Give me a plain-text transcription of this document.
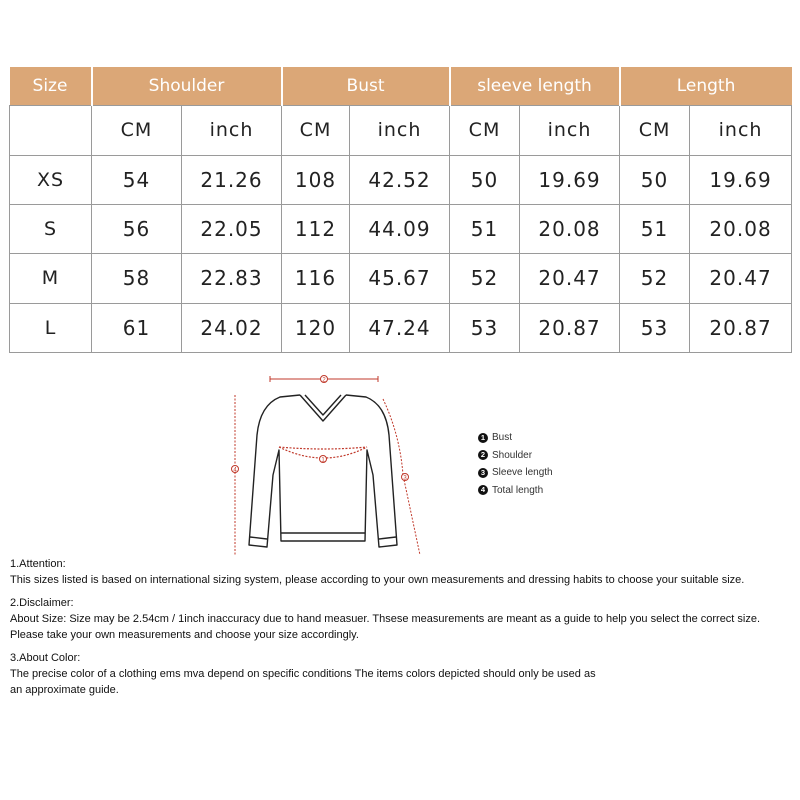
Size	Shoulder		Bust		sleeve length		Length	
	CM	inch	CM	inch	CM	inch	CM	inch
XS	54	21.26	108	42.52	50	19.69	50	19.69
S	56	22.05	112	44.09	51	20.08	51	20.08
M	58	22.83	116	45.67	52	20.47	52	20.47
L	61	24.02	120	47.24	53	20.87	53	20.87
2
1
4
3
1 Bust
2 Shoulder
3 Sleeve length
4 Total length
1.Attention:
This sizes listed is based on international sizing system, please according to your own measurements and dressing habits to choose your suitable size.
2.Disclaimer:
About Size: Size may be 2.54cm / 1inch inaccuracy due to hand measuer. Thsese measurements are meant as a guide to help you select the correct size.
Please take your own measurements and choose your size accordingly.
3.About Color:
The precise color of a clothing ems mva depend on specific conditions The items colors depicted should only be used as
an approximate guide.
